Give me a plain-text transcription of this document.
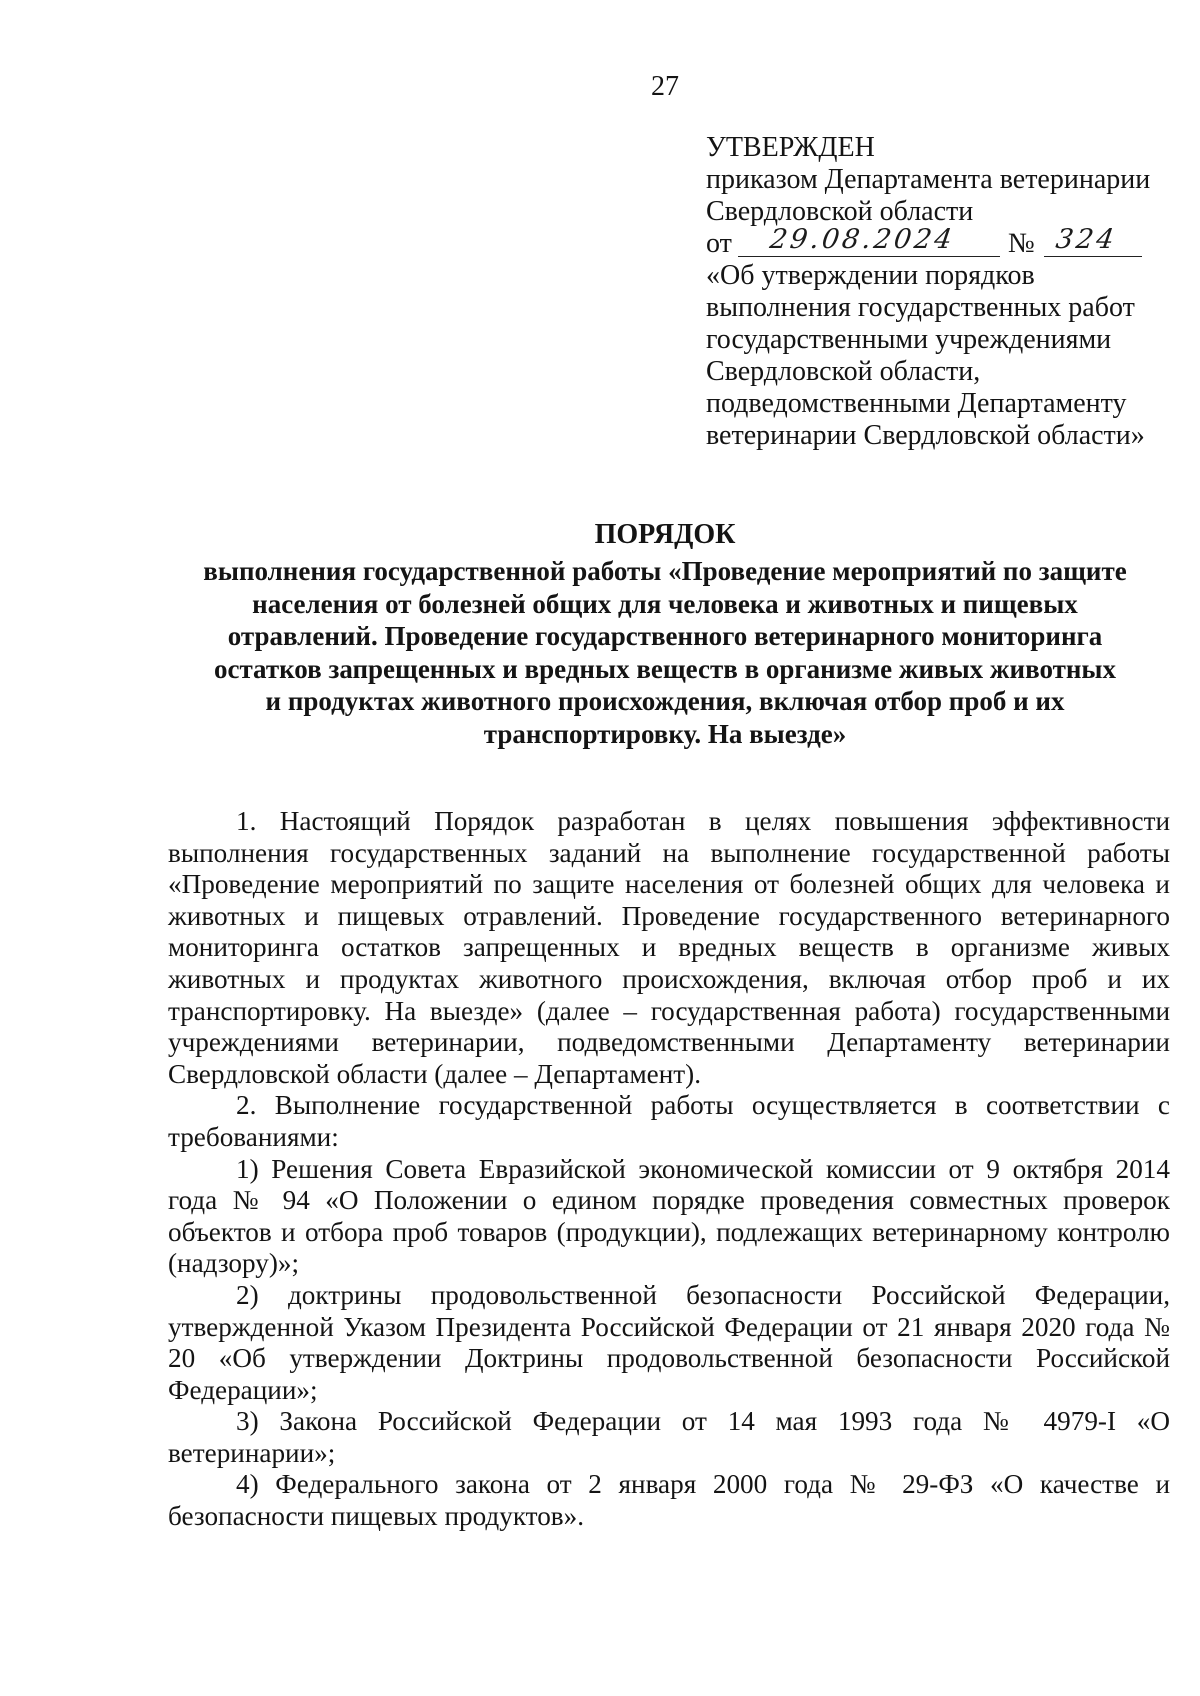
27
УТВЕРЖДЕН
приказом Департамента ветеринарии
Свердловской области
от 29.08.2024 № 324
«Об утверждении порядков
выполнения государственных работ
государственными учреждениями
Свердловской области,
подведомственными Департаменту
ветеринарии Свердловской области»
ПОРЯДОК
выполнения государственной работы «Проведение мероприятий по защите
населения от болезней общих для человека и животных и пищевых
отравлений. Проведение государственного ветеринарного мониторинга
остатков запрещенных и вредных веществ в организме живых животных
и продуктах животного происхождения, включая отбор проб и их
транспортировку. На выезде»

1. Настоящий Порядок разработан в целях повышения эффективности выполнения государственных заданий на выполнение государственной работы «Проведение мероприятий по защите населения от болезней общих для человека и животных и пищевых отравлений. Проведение государственного ветеринарного мониторинга остатков запрещенных и вредных веществ в организме живых животных и продуктах животного происхождения, включая отбор проб и их транспортировку. На выезде» (далее – государственная работа) государственными учреждениями ветеринарии, подведомственными Департаменту ветеринарии Свердловской области (далее – Департамент).

2. Выполнение государственной работы осуществляется в соответствии с требованиями:

1) Решения Совета Евразийской экономической комиссии от 9 октября 2014 года № 94 «О Положении о едином порядке проведения совместных проверок объектов и отбора проб товаров (продукции), подлежащих ветеринарному контролю (надзору)»;

2) доктрины продовольственной безопасности Российской Федерации, утвержденной Указом Президента Российской Федерации от 21 января 2020 года № 20 «Об утверждении Доктрины продовольственной безопасности Российской Федерации»;

3) Закона Российской Федерации от 14 мая 1993 года № 4979-I «О ветеринарии»;

4) Федерального закона от 2 января 2000 года № 29-ФЗ «О качестве и безопасности пищевых продуктов».
